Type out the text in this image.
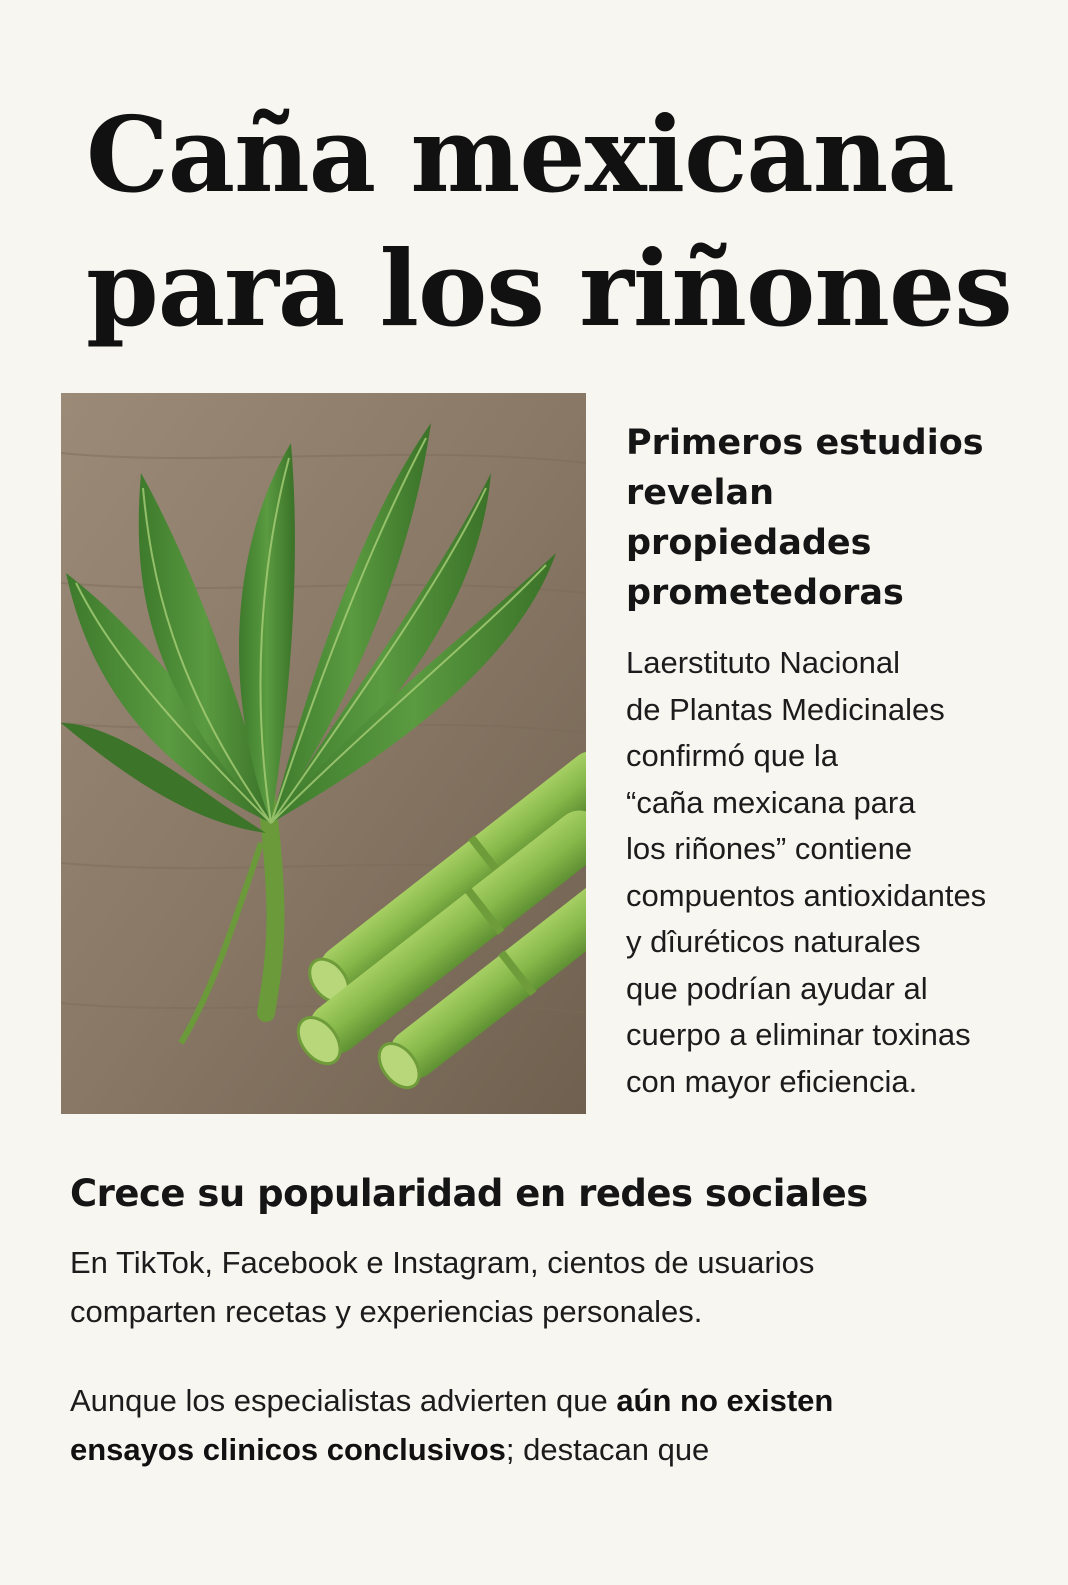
Caña mexicana
para los riñones
Primeros estudios
revelan
propiedades
prometedoras

Laerstituto Nacional
de Plantas Medicinales
confirmó que la
“caña mexicana para
los riñones” contiene
compuentos antioxidantes
y dîuréticos naturales
que podrían ayudar al
cuerpo a eliminar toxinas
con mayor eficiencia.

Crece su popularidad en redes sociales

En TikTok, Facebook e Instagram, cientos de usuarios
comparten recetas y experiencias personales.

Aunque los especialistas advierten que aún no existen
ensayos clinicos conclusivos; destacan que
